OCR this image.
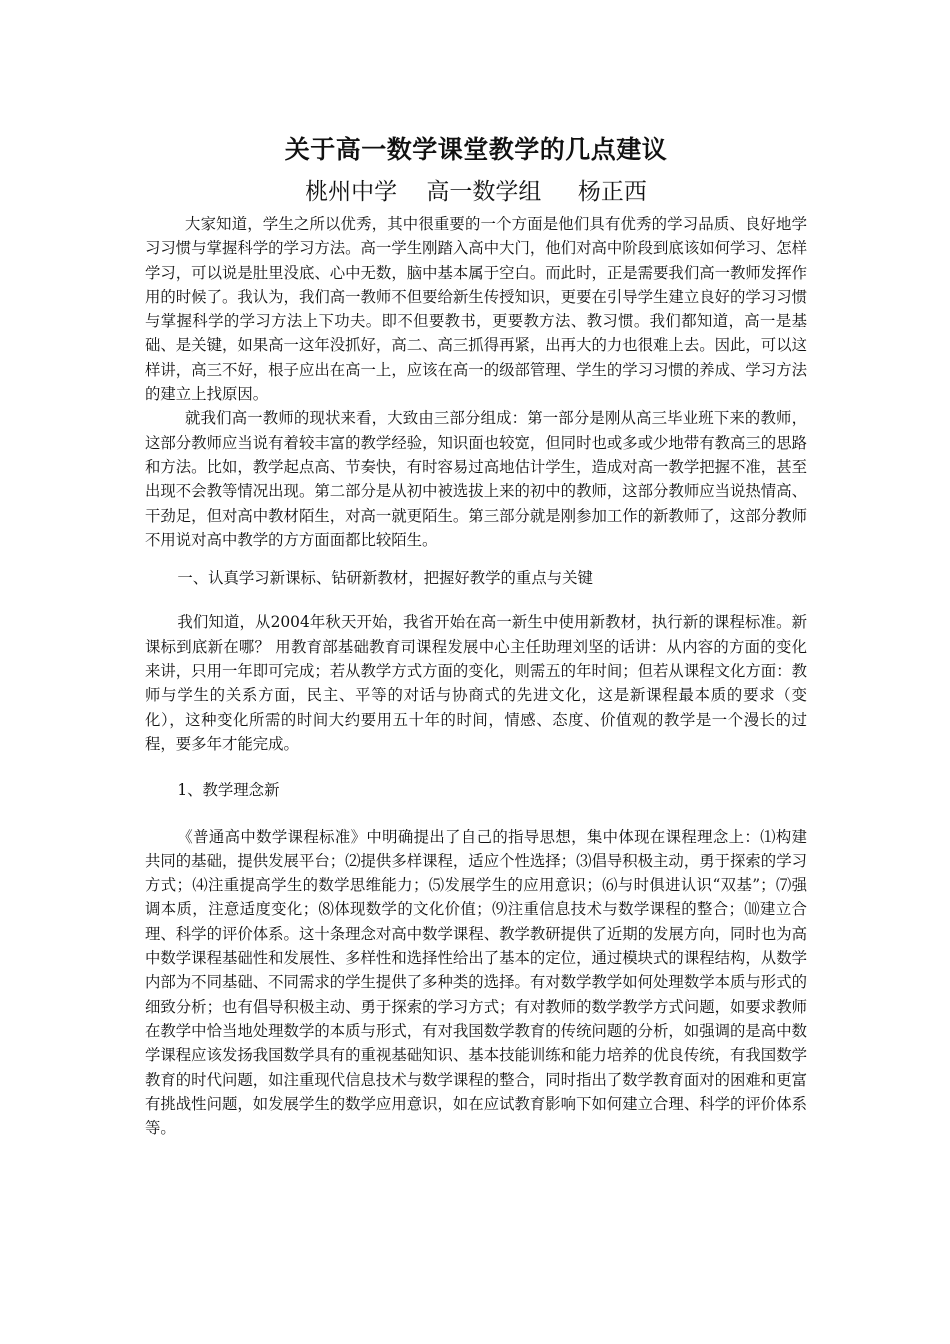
关于高一数学课堂教学的几点建议
桃州中学    高一数学组     杨正西

大家知道，学生之所以优秀，其中很重要的一个方面是他们具有优秀的学习品质、良好地学习习惯与掌握科学的学习方法。高一学生刚踏入高中大门，他们对高中阶段到底该如何学习、怎样学习，可以说是肚里没底、心中无数，脑中基本属于空白。而此时，正是需要我们高一教师发挥作用的时候了。我认为，我们高一教师不但要给新生传授知识，更要在引导学生建立良好的学习习惯与掌握科学的学习方法上下功夫。即不但要教书，更要教方法、教习惯。我们都知道，高一是基础、是关键，如果高一这年没抓好，高二、高三抓得再紧，出再大的力也很难上去。因此，可以这样讲，高三不好，根子应出在高一上，应该在高一的级部管理、学生的学习习惯的养成、学习方法的建立上找原因。

就我们高一教师的现状来看，大致由三部分组成：第一部分是刚从高三毕业班下来的教师，这部分教师应当说有着较丰富的教学经验，知识面也较宽，但同时也或多或少地带有教高三的思路和方法。比如，教学起点高、节奏快，有时容易过高地估计学生，造成对高一教学把握不准，甚至出现不会教等情况出现。第二部分是从初中被选拔上来的初中的教师，这部分教师应当说热情高、干劲足，但对高中教材陌生，对高一就更陌生。第三部分就是刚参加工作的新教师了，这部分教师不用说对高中教学的方方面面都比较陌生。

一、认真学习新课标、钻研新教材，把握好教学的重点与关键

我们知道，从2004年秋天开始，我省开始在高一新生中使用新教材，执行新的课程标准。新课标到底新在哪？ 用教育部基础教育司课程发展中心主任助理刘坚的话讲：从内容的方面的变化来讲，只用一年即可完成；若从教学方式方面的变化，则需五的年时间；但若从课程文化方面：教师与学生的关系方面，民主、平等的对话与协商式的先进文化，这是新课程最本质的要求（变化），这种变化所需的时间大约要用五十年的时间，情感、态度、价值观的教学是一个漫长的过程，要多年才能完成。

1、教学理念新

《普通高中数学课程标准》中明确提出了自己的指导思想，集中体现在课程理念上：⑴构建共同的基础，提供发展平台；⑵提供多样课程，适应个性选择；⑶倡导积极主动，勇于探索的学习方式；⑷注重提高学生的数学思维能力；⑸发展学生的应用意识；⑹与时俱进认识“双基”；⑺强调本质，注意适度变化；⑻体现数学的文化价值；⑼注重信息技术与数学课程的整合；⑽建立合理、科学的评价体系。这十条理念对高中数学课程、教学教研提供了近期的发展方向，同时也为高中数学课程基础性和发展性、多样性和选择性给出了基本的定位，通过模块式的课程结构，从数学内部为不同基础、不同需求的学生提供了多种类的选择。有对数学教学如何处理数学本质与形式的细致分析；也有倡导积极主动、勇于探索的学习方式；有对教师的数学教学方式问题，如要求教师在教学中恰当地处理数学的本质与形式，有对我国数学教育的传统问题的分析，如强调的是高中数学课程应该发扬我国数学具有的重视基础知识、基本技能训练和能力培养的优良传统，有我国数学教育的时代问题，如注重现代信息技术与数学课程的整合，同时指出了数学教育面对的困难和更富有挑战性问题，如发展学生的数学应用意识，如在应试教育影响下如何建立合理、科学的评价体系等。
